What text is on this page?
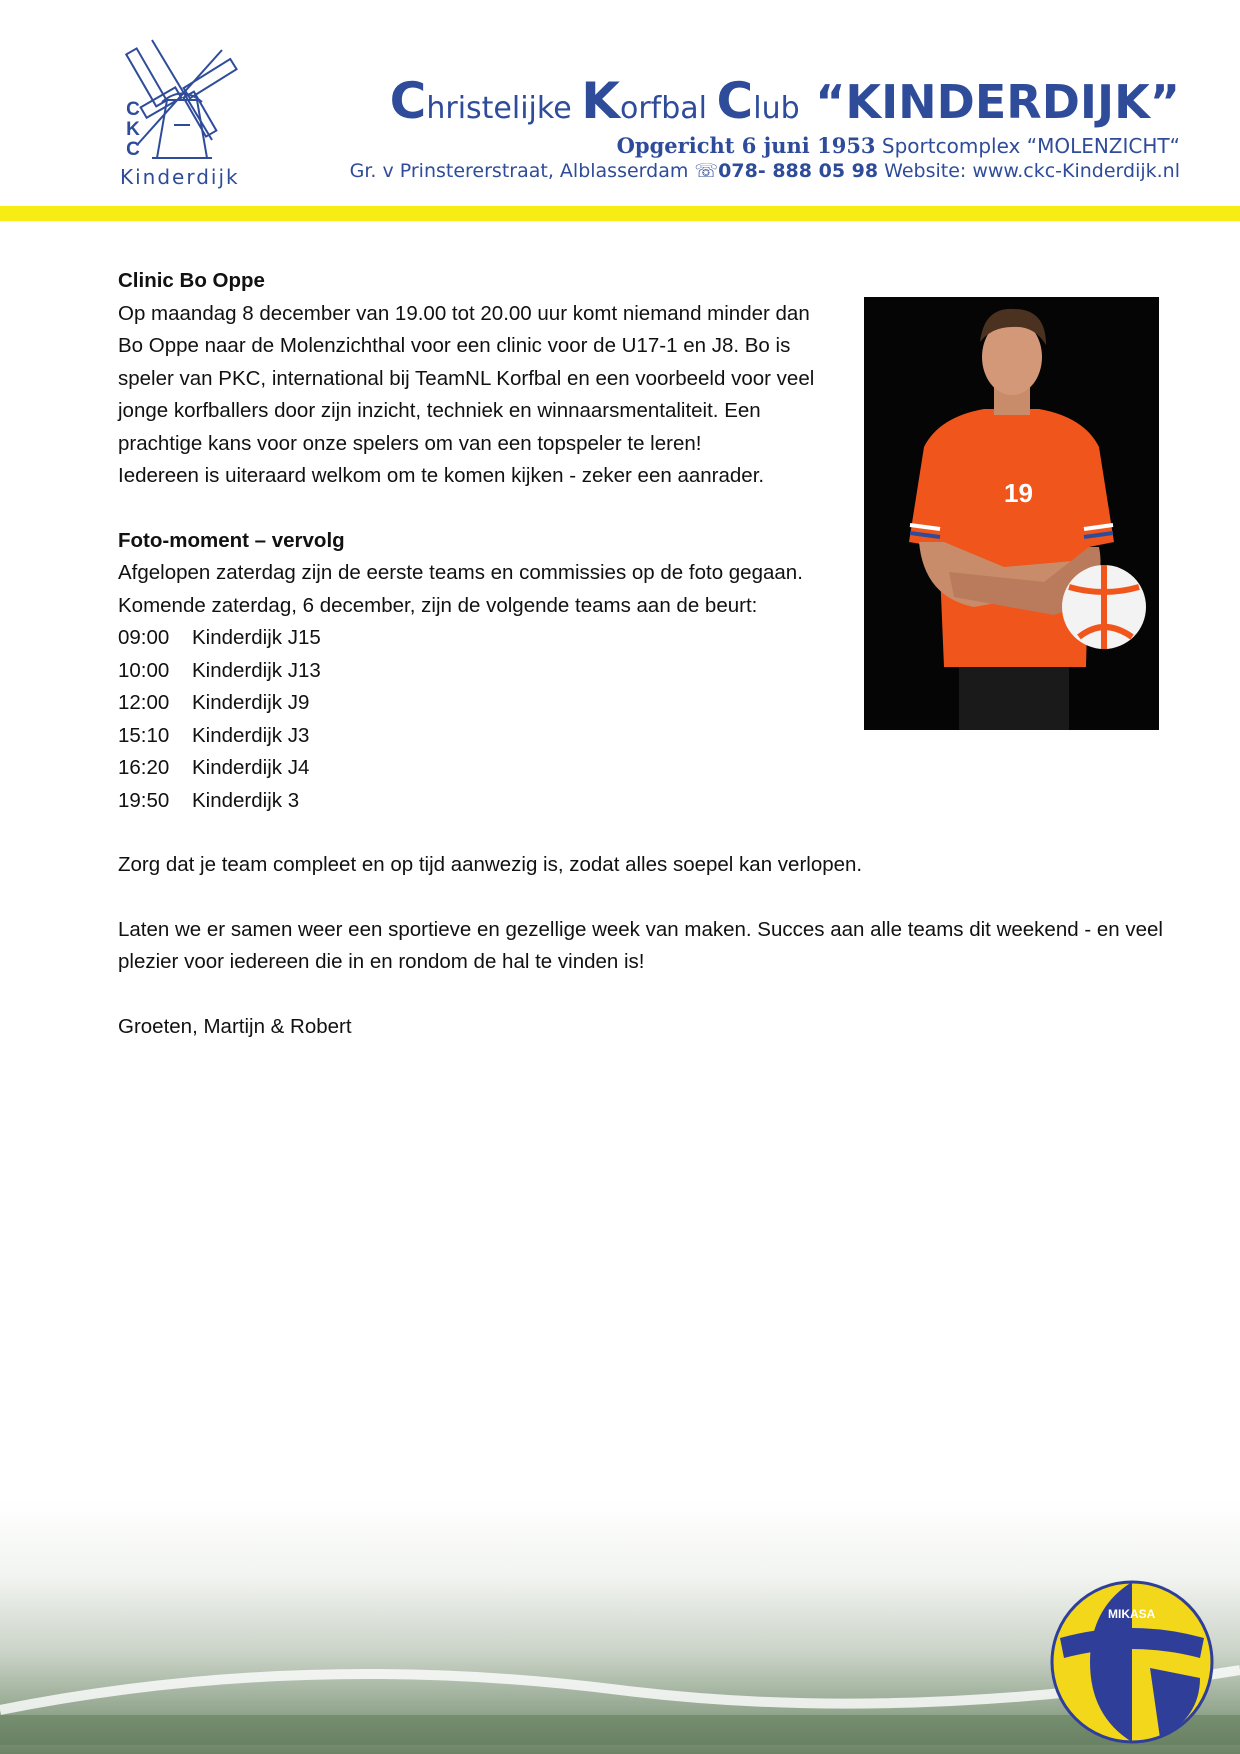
C
K
C
Kinderdijk
Christelijke Korfbal Club “KINDERDIJK”
Opgericht 6 juni 1953 Sportcomplex “MOLENZICHT“
Gr. v Prinstererstraat, Alblasserdam ☏078- 888 05 98 Website: www.ckc-Kinderdijk.nl
19

Clinic Bo Oppe

Op maandag 8 december van 19.00 tot 20.00 uur komt niemand minder dan Bo Oppe naar de Molenzichthal voor een clinic voor de U17-1 en J8. Bo is speler van PKC, international bij TeamNL Korfbal en een voorbeeld voor veel jonge korfballers door zijn inzicht, techniek en winnaarsmentaliteit. Een prachtige kans voor onze spelers om van een topspeler te leren!

Iedereen is uiteraard welkom om te komen kijken - zeker een aanrader.

Foto-moment – vervolg

Afgelopen zaterdag zijn de eerste teams en commissies op de foto gegaan. Komende zaterdag, 6 december, zijn de volgende teams aan de beurt:

09:00	Kinderdijk J15
10:00	Kinderdijk J13
12:00	Kinderdijk J9
15:10	Kinderdijk J3
16:20	Kinderdijk J4
19:50	Kinderdijk 3

Zorg dat je team compleet en op tijd aanwezig is, zodat alles soepel kan verlopen.

Laten we er samen weer een sportieve en gezellige week van maken. Succes aan alle teams dit weekend - en veel plezier voor iedereen die in en rondom de hal te vinden is!

Groeten, Martijn & Robert

MIKASA
